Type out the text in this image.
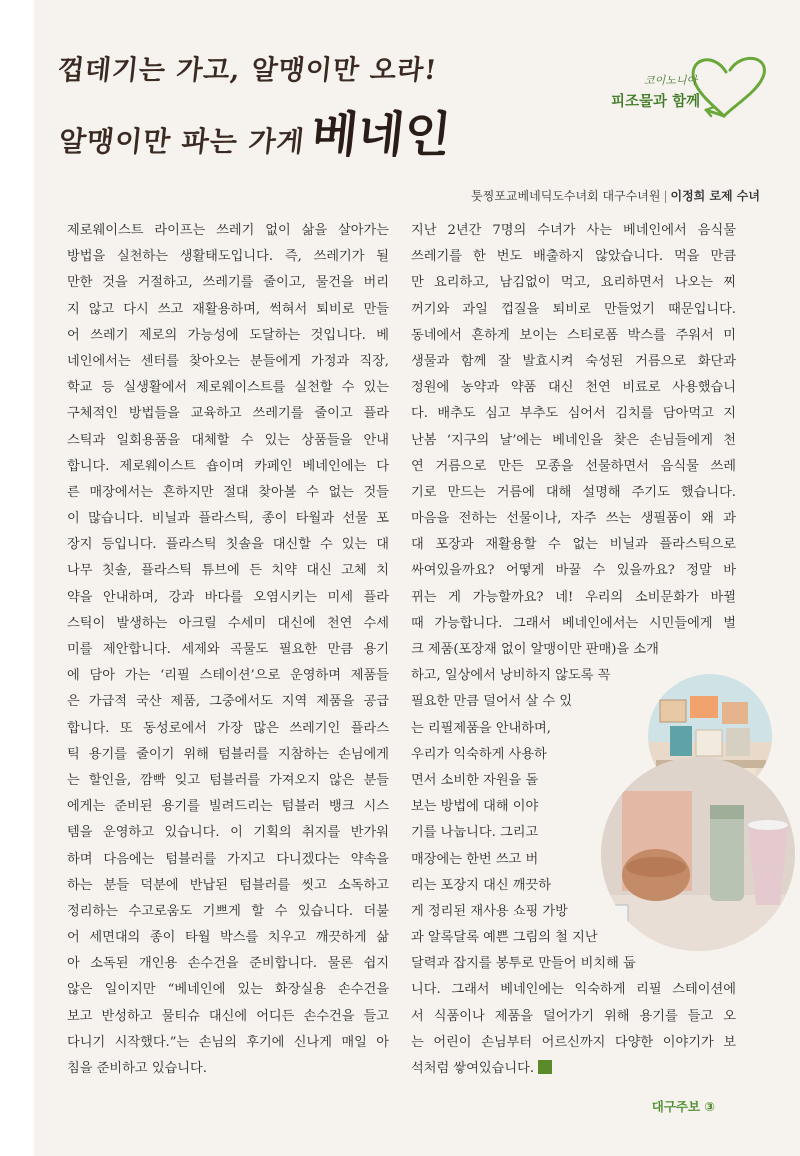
껍데기는 가고, 알맹이만 오라!
알맹이만 파는 가게베네인
코이노니아
피조물과 함께
툿찡포교베네딕도수녀회 대구수녀원 | 이정희 로제 수녀
제로웨이스트 라이프는 쓰레기 없이 삶을 살아가는
방법을 실천하는 생활태도입니다. 즉, 쓰레기가 될
만한 것을 거절하고, 쓰레기를 줄이고, 물건을 버리
지 않고 다시 쓰고 재활용하며, 썩혀서 퇴비로 만들
어 쓰레기 제로의 가능성에 도달하는 것입니다. 베
네인에서는 센터를 찾아오는 분들에게 가정과 직장,
학교 등 실생활에서 제로웨이스트를 실천할 수 있는
구체적인 방법들을 교육하고 쓰레기를 줄이고 플라
스틱과 일회용품을 대체할 수 있는 상품들을 안내
합니다. 제로웨이스트 숍이며 카페인 베네인에는 다
른 매장에서는 흔하지만 절대 찾아볼 수 없는 것들
이 많습니다. 비닐과 플라스틱, 종이 타월과 선물 포
장지 등입니다. 플라스틱 칫솔을 대신할 수 있는 대
나무 칫솔, 플라스틱 튜브에 든 치약 대신 고체 치
약을 안내하며, 강과 바다를 오염시키는 미세 플라
스틱이 발생하는 아크릴 수세미 대신에 천연 수세
미를 제안합니다. 세제와 곡물도 필요한 만큼 용기
에 담아 가는 ‘리필 스테이션’으로 운영하며 제품들
은 가급적 국산 제품, 그중에서도 지역 제품을 공급
합니다. 또 동성로에서 가장 많은 쓰레기인 플라스
틱 용기를 줄이기 위해 텀블러를 지참하는 손님에게
는 할인을, 깜빡 잊고 텀블러를 가져오지 않은 분들
에게는 준비된 용기를 빌려드리는 텀블러 뱅크 시스
템을 운영하고 있습니다. 이 기획의 취지를 반가워
하며 다음에는 텀블러를 가지고 다니겠다는 약속을
하는 분들 덕분에 반납된 텀블러를 씻고 소독하고
정리하는 수고로움도 기쁘게 할 수 있습니다. 더불
어 세면대의 종이 타월 박스를 치우고 깨끗하게 삶
아 소독된 개인용 손수건을 준비합니다. 물론 쉽지
않은 일이지만 “베네인에 있는 화장실용 손수건을
보고 반성하고 물티슈 대신에 어디든 손수건을 들고
다니기 시작했다.”는 손님의 후기에 신나게 매일 아
침을 준비하고 있습니다.
지난 2년간 7명의 수녀가 사는 베네인에서 음식물
쓰레기를 한 번도 배출하지 않았습니다. 먹을 만큼
만 요리하고, 남김없이 먹고, 요리하면서 나오는 찌
꺼기와 과일 껍질을 퇴비로 만들었기 때문입니다.
동네에서 흔하게 보이는 스티로폼 박스를 주워서 미
생물과 함께 잘 발효시켜 숙성된 거름으로 화단과
정원에 농약과 약품 대신 천연 비료로 사용했습니
다. 배추도 심고 부추도 심어서 김치를 담아먹고 지
난봄 ‘지구의 날’에는 베네인을 찾은 손님들에게 천
연 거름으로 만든 모종을 선물하면서 음식물 쓰레
기로 만드는 거름에 대해 설명해 주기도 했습니다.
마음을 전하는 선물이나, 자주 쓰는 생필품이 왜 과
대 포장과 재활용할 수 없는 비닐과 플라스틱으로
싸여있을까요? 어떻게 바꿀 수 있을까요? 정말 바
뀌는 게 가능할까요? 네! 우리의 소비문화가 바뀔
때 가능합니다. 그래서 베네인에서는 시민들에게 벌
크 제품(포장재 없이 알맹이만 판매)을 소개
하고, 일상에서 낭비하지 않도록 꼭
필요한 만큼 덜어서 살 수 있
는 리필제품을 안내하며,
우리가 익숙하게 사용하
면서 소비한 자원을 돌
보는 방법에 대해 이야
기를 나눕니다. 그리고
매장에는 한번 쓰고 버
리는 포장지 대신 깨끗하
게 정리된 재사용 쇼핑 가방
과 알록달록 예쁜 그림의 철 지난
달력과 잡지를 봉투로 만들어 비치해 둡
니다. 그래서 베네인에는 익숙하게 리필 스테이션에
서 식품이나 제품을 덜어가기 위해 용기를 들고 오
는 어린이 손님부터 어르신까지 다양한 이야기가 보
석처럼 쌓여있습니다.
대구주보 ③
